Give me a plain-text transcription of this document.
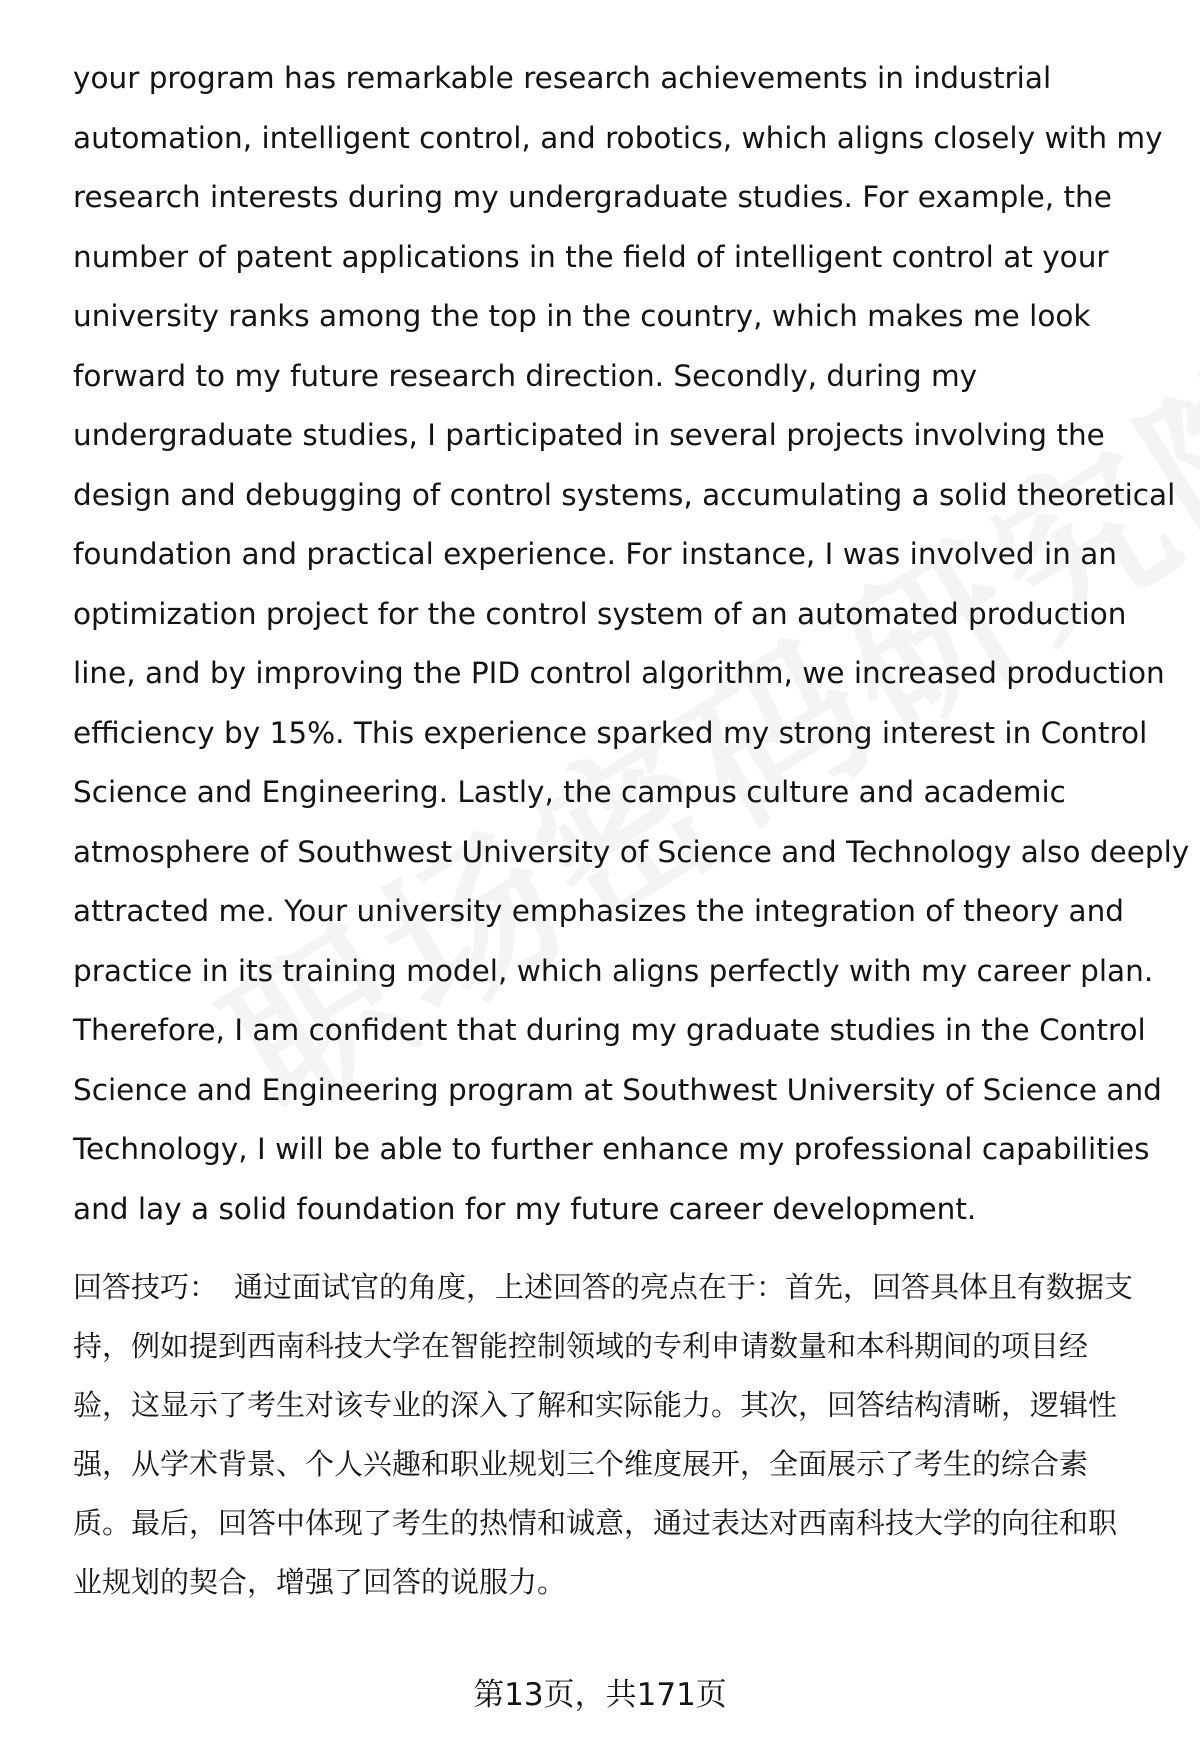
your program has remarkable research achievements in industrial
automation, intelligent control, and robotics, which aligns closely with my
research interests during my undergraduate studies. For example, the
number of patent applications in the field of intelligent control at your
university ranks among the top in the country, which makes me look
forward to my future research direction. Secondly, during my
undergraduate studies, I participated in several projects involving the
design and debugging of control systems, accumulating a solid theoretical
foundation and practical experience. For instance, I was involved in an
optimization project for the control system of an automated production
line, and by improving the PID control algorithm, we increased production
efficiency by 15%. This experience sparked my strong interest in Control
Science and Engineering. Lastly, the campus culture and academic
atmosphere of Southwest University of Science and Technology also deeply
attracted me. Your university emphasizes the integration of theory and
practice in its training model, which aligns perfectly with my career plan.
Therefore, I am confident that during my graduate studies in the Control
Science and Engineering program at Southwest University of Science and
Technology, I will be able to further enhance my professional capabilities
and lay a solid foundation for my future career development.
回答技巧： 通过面试官的角度，上述回答的亮点在于：首先，回答具体且有数据支
持，例如提到西南科技大学在智能控制领域的专利申请数量和本科期间的项目经
验，这显示了考生对该专业的深入了解和实际能力。其次，回答结构清晰，逻辑性
强，从学术背景、个人兴趣和职业规划三个维度展开，全面展示了考生的综合素
质。最后，回答中体现了考生的热情和诚意，通过表达对西南科技大学的向往和职
业规划的契合，增强了回答的说服力。
第13页，共171页
